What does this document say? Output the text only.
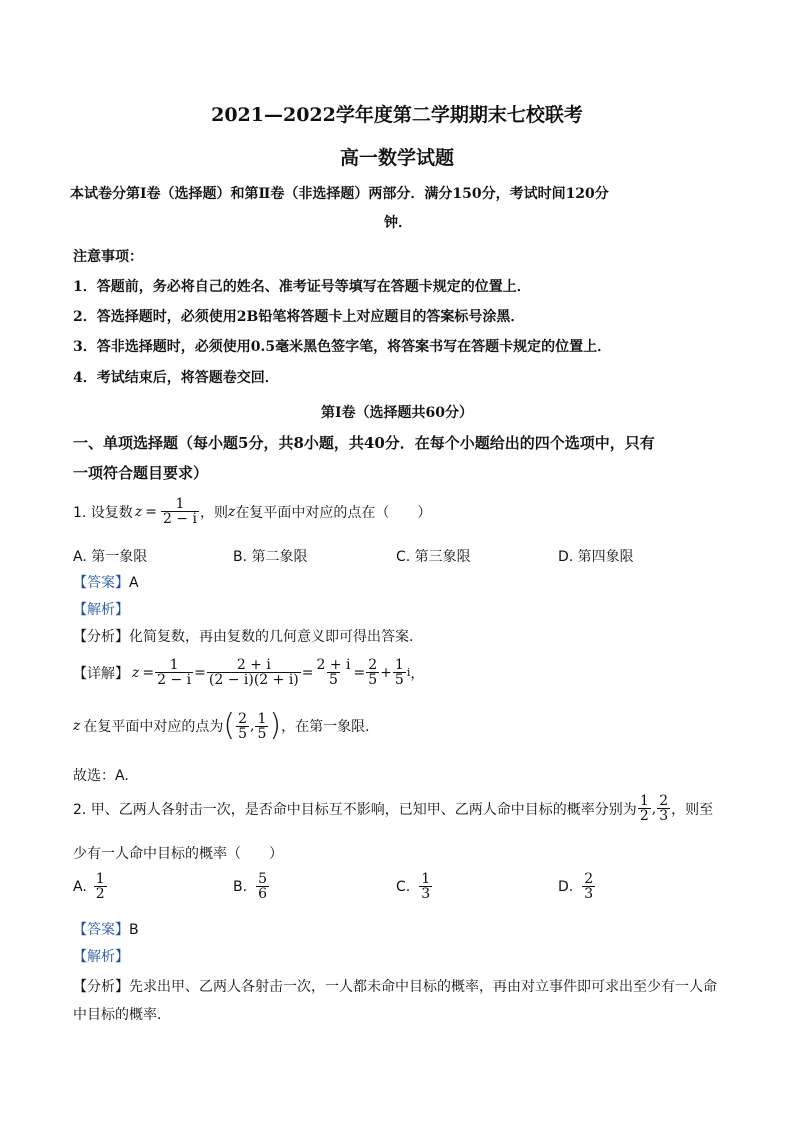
2021—2022学年度第二学期期末七校联考
高一数学试题
本试卷分第Ⅰ卷（选择题）和第Ⅱ卷（非选择题）两部分．满分150分，考试时间120分
钟．
注意事项：
1．答题前，务必将自己的姓名、准考证号等填写在答题卡规定的位置上．
2．答选择题时，必须使用2B铅笔将答题卡上对应题目的答案标号涂黑．
3．答非选择题时，必须使用0.5毫米黑色签字笔，将答案书写在答题卡规定的位置上．
4．考试结束后，将答题卷交回．
第Ⅰ卷（选择题共60分）
一、单项选择题（每小题5分，共8小题，共40分．在每个小题给出的四个选项中，只有
一项符合题目要求）
1. 设复数 $z = \frac{1}{2 - i}$ ，则 z 在复平面中对应的点在（　　）
A. 第一象限	B. 第二象限	C. 第三象限	D. 第四象限
【答案】A
【解析】
【分析】化简复数，再由复数的几何意义即可得出答案.
【详解】 $z = \frac{1}{2 - i} = \frac{2 + i}{(2 - i)(2 + i)} = \frac{2 + i}{5} = \frac{2}{5} + \frac{1}{5}$ i ，
z 在复平面中对应的点为 ( $\frac{2}{5}$ , $\frac{1}{5}$ ) ，在第一象限.
故选：A.
2. 甲、乙两人各射击一次，是否命中目标互不影响，已知甲、乙两人命中目标的概率分别为 $\frac{1}{2}$ , $\frac{2}{3}$ ，则至
少有一人命中目标的概率（　　）
A. $\frac{1}{2}$	B. $\frac{5}{6}$	C. $\frac{1}{3}$	D. $\frac{2}{3}$
【答案】B
【解析】
【分析】先求出甲、乙两人各射击一次，一人都未命中目标的概率，再由对立事件即可求出至少有一人命
中目标的概率.
